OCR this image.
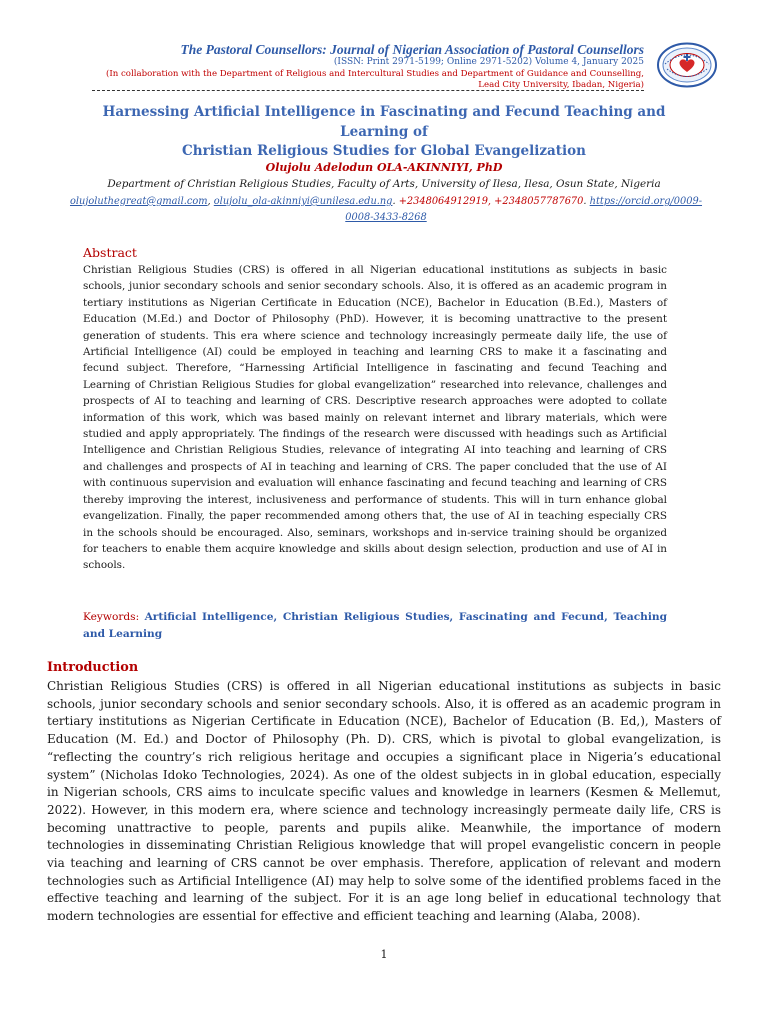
The Pastoral Counsellors: Journal of Nigerian Association of Pastoral Counsellors
(ISSN: Print 2971-5199; Online 2971-5202) Volume 4, January 2025
(In collaboration with the Department of Religious and Intercultural Studies and Department of Guidance and Counselling,
Lead City University, Ibadan, Nigeria)
Harnessing Artificial Intelligence in Fascinating and Fecund Teaching and Learning of
Christian Religious Studies for Global Evangelization
Olujolu Adelodun OLA-AKINNIYI, PhD
Department of Christian Religious Studies, Faculty of Arts, University of Ilesa, Ilesa, Osun State, Nigeria
olujoluthegreat@gmail.com, olujolu_ola-akinniyi@unilesa.edu.ng. +2348064912919, +2348057787670. https://orcid.org/0009-
0008-3433-8268
Abstract

Christian Religious Studies (CRS) is offered in all Nigerian educational institutions as subjects in basic schools, junior secondary schools and senior secondary schools. Also, it is offered as an academic program in tertiary institutions as Nigerian Certificate in Education (NCE), Bachelor in Education (B.Ed.), Masters of Education (M.Ed.) and Doctor of Philosophy (PhD). However, it is becoming unattractive to the present generation of students. This era where science and technology increasingly permeate daily life, the use of Artificial Intelligence (AI) could be employed in teaching and learning CRS to make it a fascinating and fecund subject. Therefore, “Harnessing Artificial Intelligence in fascinating and fecund Teaching and Learning of Christian Religious Studies for global evangelization” researched into relevance, challenges and prospects of AI to teaching and learning of CRS. Descriptive research approaches were adopted to collate information of this work, which was based mainly on relevant internet and library materials, which were studied and apply appropriately. The findings of the research were discussed with headings such as Artificial Intelligence and Christian Religious Studies, relevance of integrating AI into teaching and learning of CRS and challenges and prospects of AI in teaching and learning of CRS. The paper concluded that the use of AI with continuous supervision and evaluation will enhance fascinating and fecund teaching and learning of CRS thereby improving the interest, inclusiveness and performance of students. This will in turn enhance global evangelization. Finally, the paper recommended among others that, the use of AI in teaching especially CRS in the schools should be encouraged. Also, seminars, workshops and in-service training should be organized for teachers to enable them acquire knowledge and skills about design selection, production and use of AI in schools.

Keywords: Artificial Intelligence, Christian Religious Studies, Fascinating and Fecund, Teaching and Learning

Introduction

Christian Religious Studies (CRS) is offered in all Nigerian educational institutions as subjects in basic schools, junior secondary schools and senior secondary schools. Also, it is offered as an academic program in tertiary institutions as Nigerian Certificate in Education (NCE), Bachelor of Education (B. Ed,), Masters of Education (M. Ed.) and Doctor of Philosophy (Ph. D). CRS, which is pivotal to global evangelization, is “reflecting the country’s rich religious heritage and occupies a significant place in Nigeria’s educational system” (Nicholas Idoko Technologies, 2024). As one of the oldest subjects in in global education, especially in Nigerian schools, CRS aims to inculcate specific values and knowledge in learners (Kesmen & Mellemut, 2022). However, in this modern era, where science and technology increasingly permeate daily life, CRS is becoming unattractive to people, parents and pupils alike. Meanwhile, the importance of modern technologies in disseminating Christian Religious knowledge that will propel evangelistic concern in people via teaching and learning of CRS cannot be over emphasis. Therefore, application of relevant and modern technologies such as Artificial Intelligence (AI) may help to solve some of the identified problems faced in the effective teaching and learning of the subject. For it is an age long belief in educational technology that modern technologies are essential for effective and efficient teaching and learning (Alaba, 2008).

1
